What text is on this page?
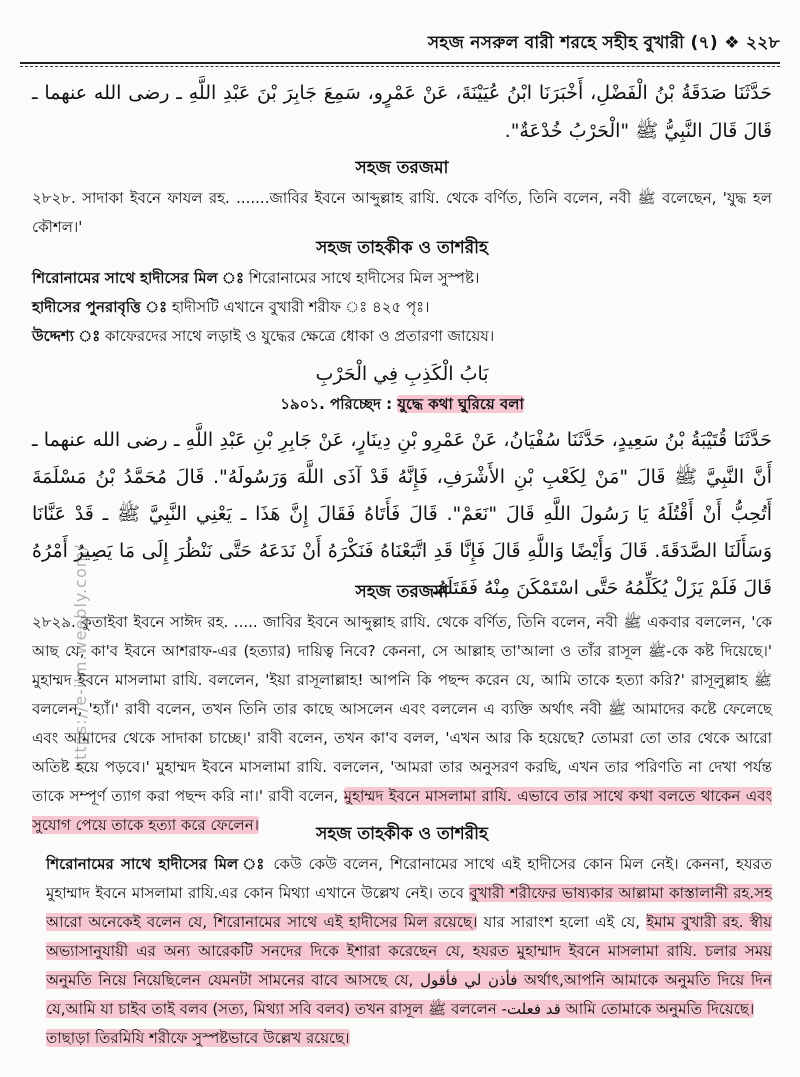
সহজ নসরুল বারী শরহে সহীহ বুখারী (৭) ❖ ২২৮
https://e-ilm.weebly.com/

حَدَّثَنَا صَدَقَةُ بْنُ الْفَضْلِ، أَخْبَرَنَا ابْنُ عُيَيْنَةَ، عَنْ عَمْرٍو، سَمِعَ جَابِرَ بْنَ عَبْدِ اللَّهِ ـ رضى الله عنهما ـ قَالَ قَالَ النَّبِيُّ ﷺ "الْحَرْبُ خُدْعَةٌ".

সহজ তরজমা

২৮২৮. সাদাকা ইবনে ফাযল রহ. .......জাবির ইবনে আব্দুল্লাহ রাযি. থেকে বর্ণিত, তিনি বলেন, নবী ﷺ বলেছেন, 'যুদ্ধ হল কৌশল।'

সহজ তাহকীক ও তাশরীহ

শিরোনামের সাথে হাদীসের মিল ঃ শিরোনামের সাথে হাদীসের মিল সুস্পষ্ট।

হাদীসের পুনরাবৃত্তি ঃ হাদীসটি এখানে বুখারী শরীফ ঃ ৪২৫ পৃঃ।

উদ্দেশ্য ঃ কাফেরদের সাথে লড়াই ও যুদ্ধের ক্ষেত্রে ধোকা ও প্রতারণা জায়েয।

بَابُ الْكَذِبِ فِي الْحَرْبِ

১৯০১. পরিচ্ছেদ : যুদ্ধে কথা ঘুরিয়ে বলা

حَدَّثَنَا قُتَيْبَةُ بْنُ سَعِيدٍ، حَدَّثَنَا سُفْيَانُ، عَنْ عَمْرِو بْنِ دِينَارٍ، عَنْ جَابِرِ بْنِ عَبْدِ اللَّهِ ـ رضى الله عنهما ـ أَنَّ النَّبِيَّ ﷺ قَالَ "مَنْ لِكَعْبِ بْنِ الأَشْرَفِ، فَإِنَّهُ قَدْ آذَى اللَّهَ وَرَسُولَهُ". قَالَ مُحَمَّدُ بْنُ مَسْلَمَةَ أَتُحِبُّ أَنْ أَقْتُلَهُ يَا رَسُولَ اللَّهِ قَالَ "نَعَمْ". قَالَ فَأَتَاهُ فَقَالَ إِنَّ هَذَا ـ يَعْنِي النَّبِيَّ ﷺ ـ قَدْ عَنَّانَا وَسَأَلَنَا الصَّدَقَةَ. قَالَ وَأَيْضًا وَاللَّهِ قَالَ فَإِنَّا قَدِ اتَّبَعْنَاهُ فَنَكْرَهُ أَنْ نَدَعَهُ حَتَّى نَنْظُرَ إِلَى مَا يَصِيرُ أَمْرُهُ قَالَ فَلَمْ يَزَلْ يُكَلِّمُهُ حَتَّى اسْتَمْكَنَ مِنْهُ فَقَتَلَهُ.

সহজ তরজমা

২৮২৯. কুতাইবা ইবনে সাঈদ রহ. ..... জাবির ইবনে আব্দুল্লাহ রাযি. থেকে বর্ণিত, তিনি বলেন, নবী ﷺ একবার বললেন, 'কে আছ যে, কা'ব ইবনে আশরাফ-এর (হত্যার) দায়িত্ব নিবে? কেননা, সে আল্লাহ তা'আলা ও তাঁর রাসূল ﷺ-কে কষ্ট দিয়েছে।' মুহাম্মদ ইবনে মাসলামা রাযি. বললেন, 'ইয়া রাসূলাল্লাহ! আপনি কি পছন্দ করেন যে, আমি তাকে হত্যা করি?' রাসূলুল্লাহ ﷺ বললেন, 'হ্যাঁ।' রাবী বলেন, তখন তিনি তার কাছে আসলেন এবং বললেন এ ব্যক্তি অর্থাৎ নবী ﷺ আমাদের কষ্টে ফেলেছে এবং আমাদের থেকে সাদাকা চাচ্ছে।' রাবী বলেন, তখন কা'ব বলল, 'এখন আর কি হয়েছে? তোমরা তো তার থেকে আরো অতিষ্ট হয়ে পড়বে।' মুহাম্মদ ইবনে মাসলামা রাযি. বললেন, 'আমরা তার অনুসরণ করছি, এখন তার পরিণতি না দেখা পর্যন্ত তাকে সম্পূর্ণ ত্যাগ করা পছন্দ করি না।' রাবী বলেন, মুহাম্মদ ইবনে মাসলামা রাযি. এভাবে তার সাথে কথা বলতে থাকেন এবং সুযোগ পেয়ে তাকে হত্যা করে ফেলেন।	সহজ তাহকীক ও তাশরীহ

শিরোনামের সাথে হাদীসের মিল ঃ কেউ কেউ বলেন, শিরোনামের সাথে এই হাদীসের কোন মিল নেই। কেননা, হযরত মুহাম্মাদ ইবনে মাসলামা রাযি.এর কোন মিথ্যা এখানে উল্লেখ নেই। তবে বুখারী শরীফের ভাষ্যকার আল্লামা কাস্তালানী রহ.সহ আরো অনেকেই বলেন যে, শিরোনামের সাথে এই হাদীসের মিল রয়েছে। যার সারাংশ হলো এই যে, ইমাম বুখারী রহ. স্বীয় অভ্যাসানুযায়ী এর অন্য আরেকটি সনদের দিকে ইশারা করেছেন যে, হযরত মুহাম্মাদ ইবনে মাসলামা রাযি. চলার সময় অনুমতি নিয়ে নিয়েছিলেন যেমনটা সামনের বাবে আসছে যে, فأذن لي فأقول অর্থাৎ,আপনি আমাকে অনুমতি দিয়ে দিন যে,আমি যা চাইব তাই বলব (সত্য, মিথ্যা সবি বলব) তখন রাসূল ﷺ বললেন -قد فعلت আমি তোমাকে অনুমতি দিয়েছে।

তাছাড়া তিরমিযি শরীফে সুস্পষ্টভাবে উল্লেখ রয়েছে।
